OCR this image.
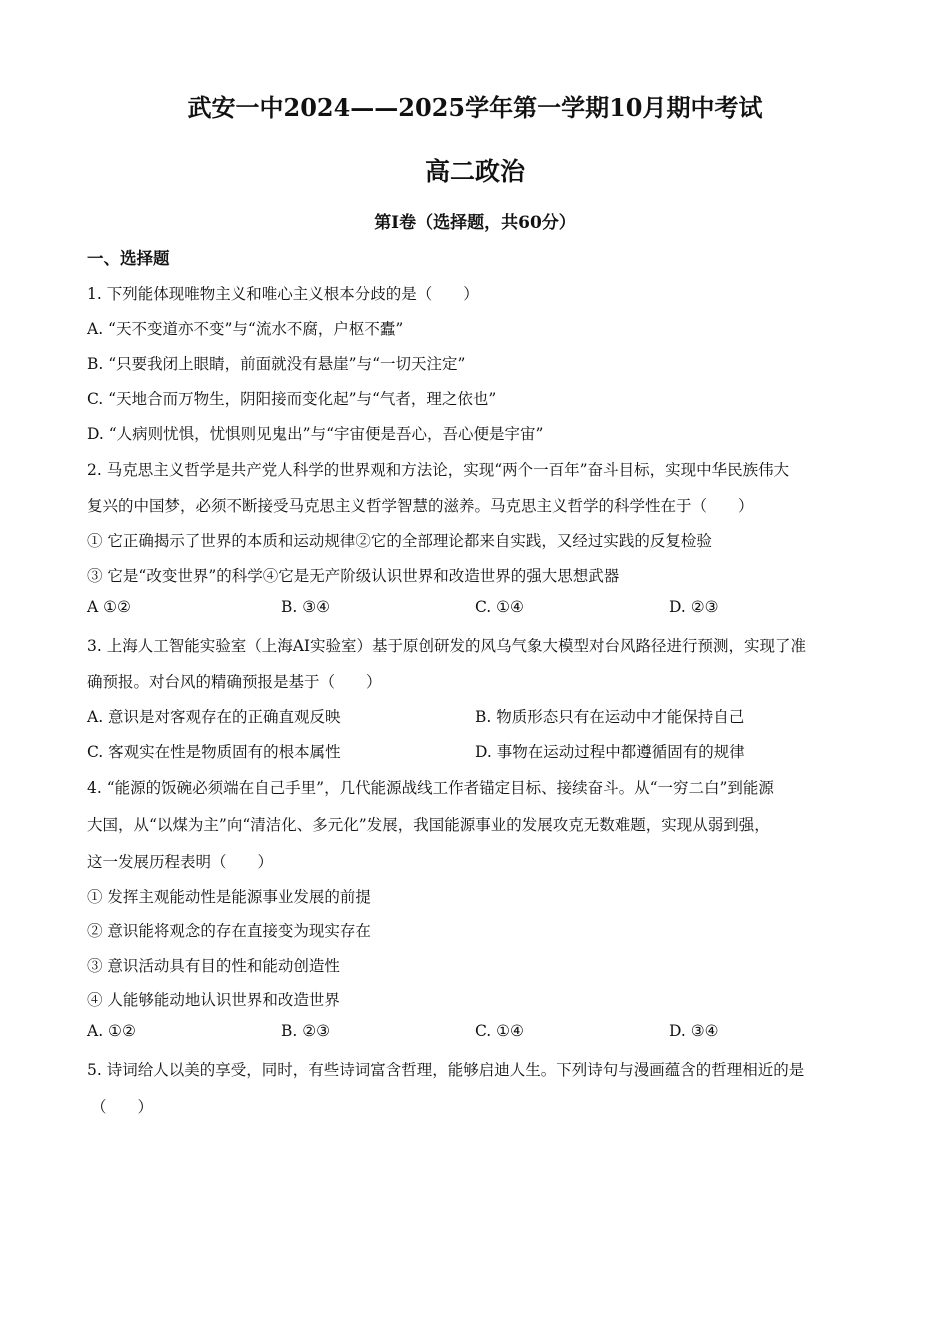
武安一中2024——2025学年第一学期10月期中考试
高二政治
第Ⅰ卷（选择题，共60分）
一、选择题
1. 下列能体现唯物主义和唯心主义根本分歧的是（　　）
A. “天不变道亦不变”与“流水不腐，户枢不蠹”
B. “只要我闭上眼睛，前面就没有悬崖”与“一切天注定”
C. “天地合而万物生，阴阳接而变化起”与“气者，理之依也”
D. “人病则忧惧，忧惧则见鬼出”与“宇宙便是吾心，吾心便是宇宙”
2. 马克思主义哲学是共产党人科学的世界观和方法论，实现“两个一百年”奋斗目标，实现中华民族伟大
复兴的中国梦，必须不断接受马克思主义哲学智慧的滋养。马克思主义哲学的科学性在于（　　）
① 它正确揭示了世界的本质和运动规律②它的全部理论都来自实践，又经过实践的反复检验
③ 它是“改变世界”的科学④它是无产阶级认识世界和改造世界的强大思想武器
A ①②	B. ③④	C. ①④	D. ②③
3. 上海人工智能实验室（上海AI实验室）基于原创研发的风乌气象大模型对台风路径进行预测，实现了准
确预报。对台风的精确预报是基于（　　）
A. 意识是对客观存在的正确直观反映	B. 物质形态只有在运动中才能保持自己
C. 客观实在性是物质固有的根本属性	D. 事物在运动过程中都遵循固有的规律
4. “能源的饭碗必须端在自己手里”，几代能源战线工作者锚定目标、接续奋斗。从“一穷二白”到能源
大国，从“以煤为主”向“清洁化、多元化”发展，我国能源事业的发展攻克无数难题，实现从弱到强，
这一发展历程表明（　　）
① 发挥主观能动性是能源事业发展的前提
② 意识能将观念的存在直接变为现实存在
③ 意识活动具有目的性和能动创造性
④ 人能够能动地认识世界和改造世界
A. ①②	B. ②③	C. ①④	D. ③④
5. 诗词给人以美的享受，同时，有些诗词富含哲理，能够启迪人生。下列诗句与漫画蕴含的哲理相近的是
（　　）
